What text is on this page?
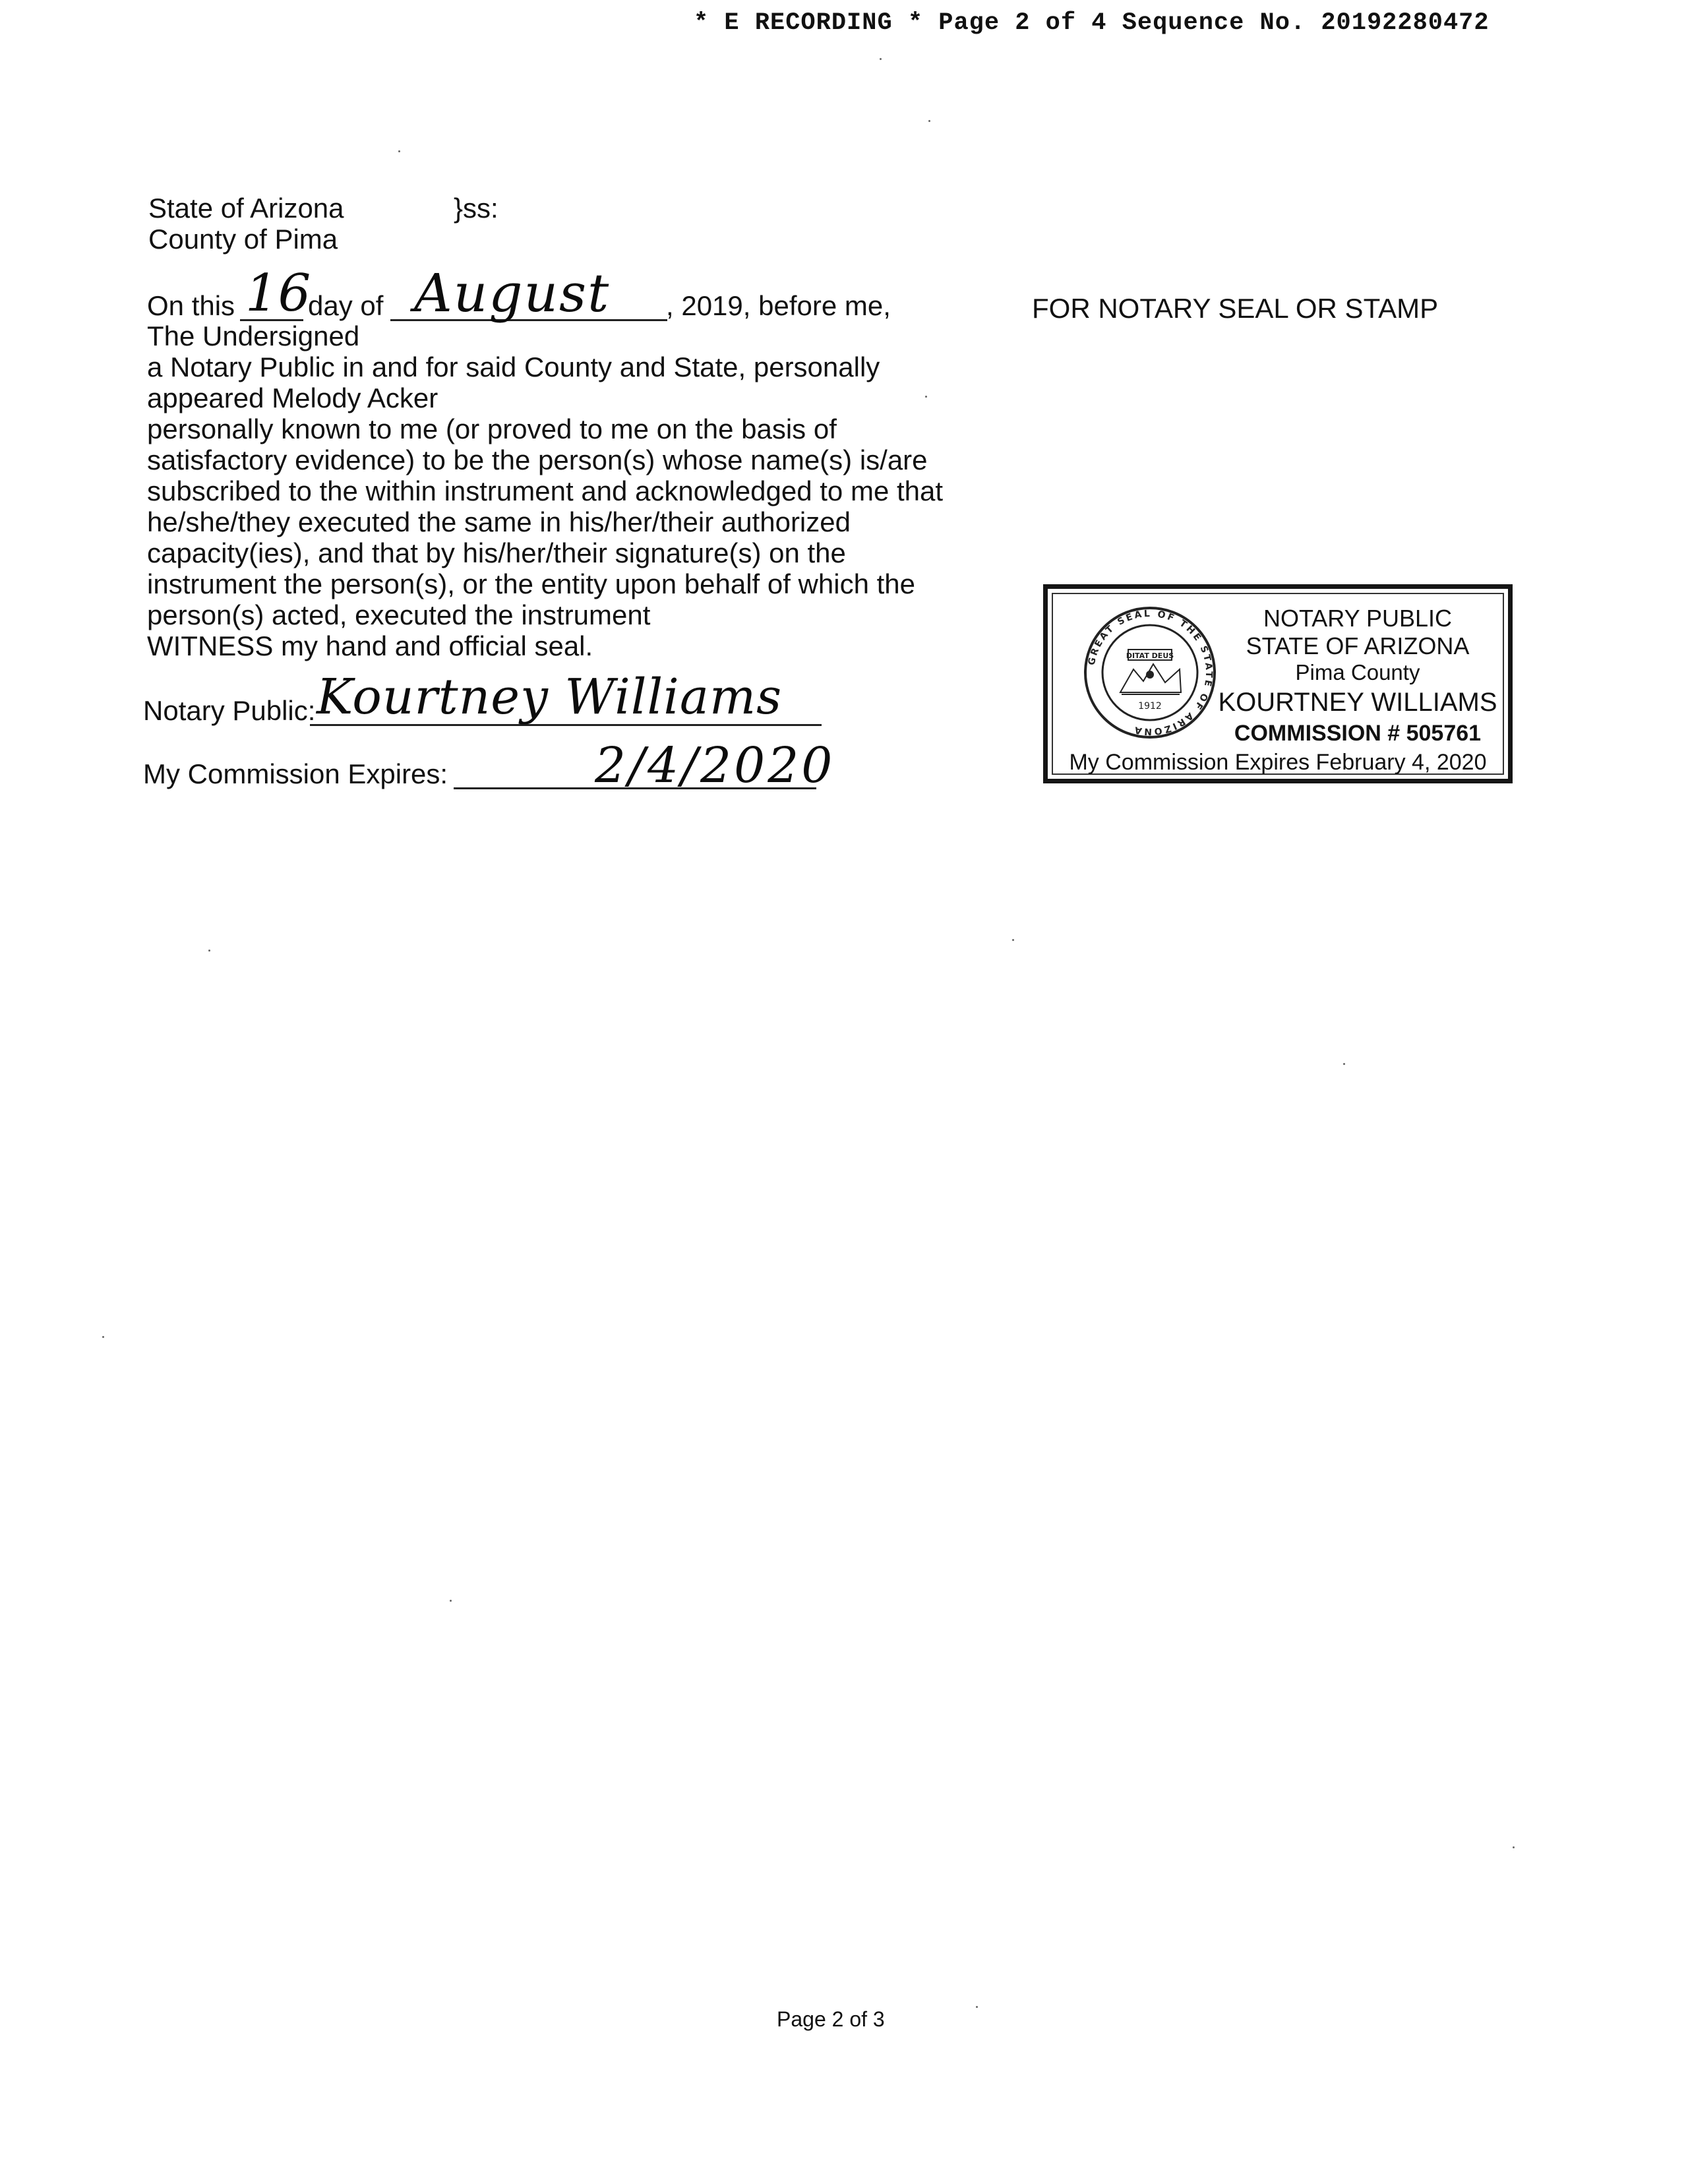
* E RECORDING * Page 2 of 4 Sequence No. 20192280472
State of Arizona
County of Pima
}ss:
On this 16
day of August , 2019, before me,
The Undersigned
a Notary Public in and for said County and State, personally
appeared Melody Acker
personally known to me (or proved to me on the basis of
satisfactory evidence) to be the person(s) whose name(s) is/are
subscribed to the within instrument and acknowledged to me that
he/she/they executed the same in his/her/their authorized
capacity(ies), and that by his/her/their signature(s) on the
instrument the person(s), or the entity upon behalf of which the
person(s) acted, executed the instrument
WITNESS my hand and official seal.
Notary Public: Kourtney Williams
My Commission Expires:	2/4/2020
FOR NOTARY SEAL OR STAMP
GREAT SEAL OF THE STATE OF ARIZONA
DITAT DEUS
1912
NOTARY PUBLIC
STATE OF ARIZONA
Pima County
KOURTNEY WILLIAMS
COMMISSION # 505761
My Commission Expires February 4, 2020
Page 2 of 3
